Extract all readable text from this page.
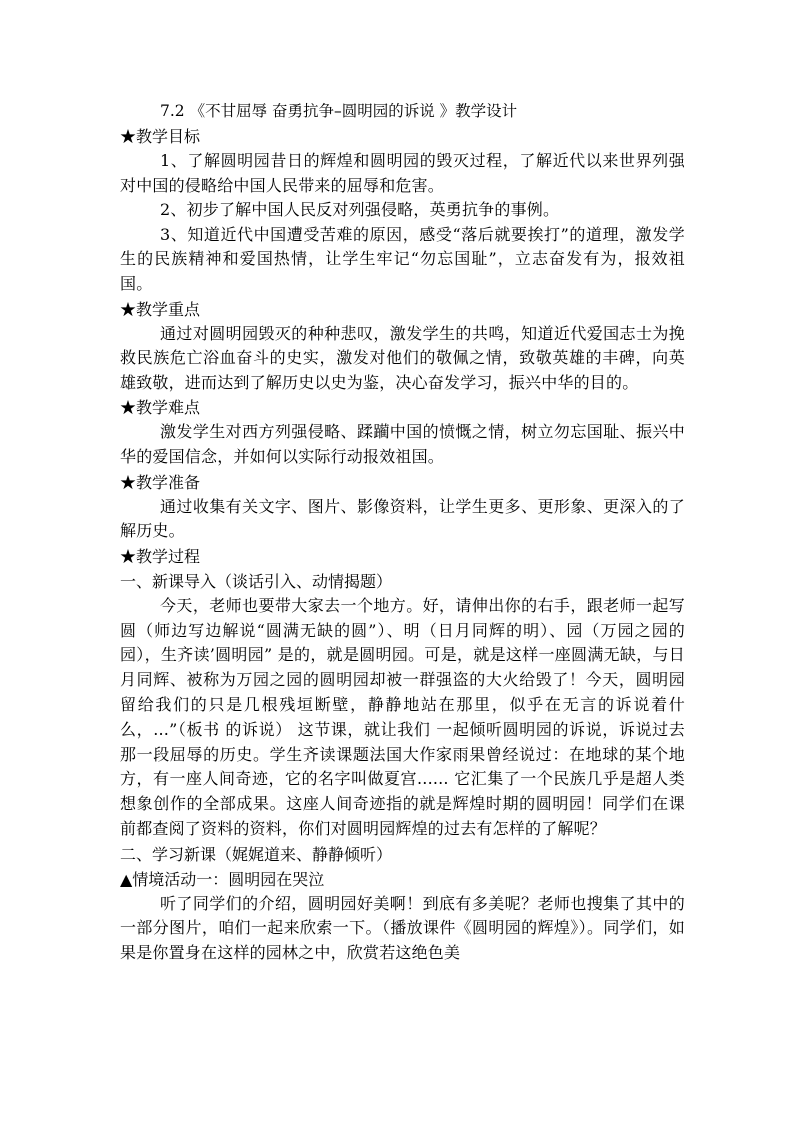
7.2 《不甘屈辱 奋勇抗争–圆明园的诉说 》教学设计

★教学目标

1、了解圆明园昔日的辉煌和圆明园的毁灭过程，了解近代以来世界列强对中国的侵略给中国人民带来的屈辱和危害。

2、初步了解中国人民反对列强侵略，英勇抗争的事例。

3、知道近代中国遭受苦难的原因，感受“落后就要挨打”的道理，激发学生的民族精神和爱国热情，让学生牢记“勿忘国耻”，立志奋发有为，报效祖国。

★教学重点

通过对圆明园毁灭的种种悲叹，激发学生的共鸣，知道近代爱国志士为挽救民族危亡浴血奋斗的史实，激发对他们的敬佩之情，致敬英雄的丰碑，向英雄致敬，进而达到了解历史以史为鉴，决心奋发学习，振兴中华的目的。

★教学难点

激发学生对西方列强侵略、蹂躏中国的愤慨之情，树立勿忘国耻、振兴中华的爱国信念，并如何以实际行动报效祖国。

★教学准备

通过收集有关文字、图片、影像资料，让学生更多、更形象、更深入的了解历史。

★教学过程

一、新课导入（谈话引入、动情揭题）

今天，老师也要带大家去一个地方。好，请伸出你的右手，跟老师一起写圆（师边写边解说“圆满无缺的圆”）、明（日月同辉的明）、园（万园之园的园），生齐读’圆明园” 是的，就是圆明园。可是，就是这样一座圆满无缺，与日月同辉、被称为万园之园的圆明园却被一群强盗的大火给毁了！今天，圆明园留给我们的只是几根残垣断壁，静静地站在那里，似乎在无言的诉说着什么，...”（板书 的诉说） 这节课，就让我们 一起倾听圆明园的诉说，诉说过去那一段屈辱的历史。学生齐读课题法国大作家雨果曾经说过：在地球的某个地方，有一座人间奇迹，它的名字叫做夏宫...... 它汇集了一个民族几乎是超人类想象创作的全部成果。这座人间奇迹指的就是辉煌时期的圆明园！同学们在课前都查阅了资料的资料，你们对圆明园辉煌的过去有怎样的了解呢？

二、学习新课（娓娓道来、静静倾听）

▲情境活动一：圆明园在哭泣

听了同学们的介绍，圆明园好美啊！到底有多美呢？老师也搜集了其中的一部分图片，咱们一起来欣索一下。（播放课件《圆明园的辉煌》）。同学们，如果是你置身在这样的园林之中，欣赏若这绝色美
